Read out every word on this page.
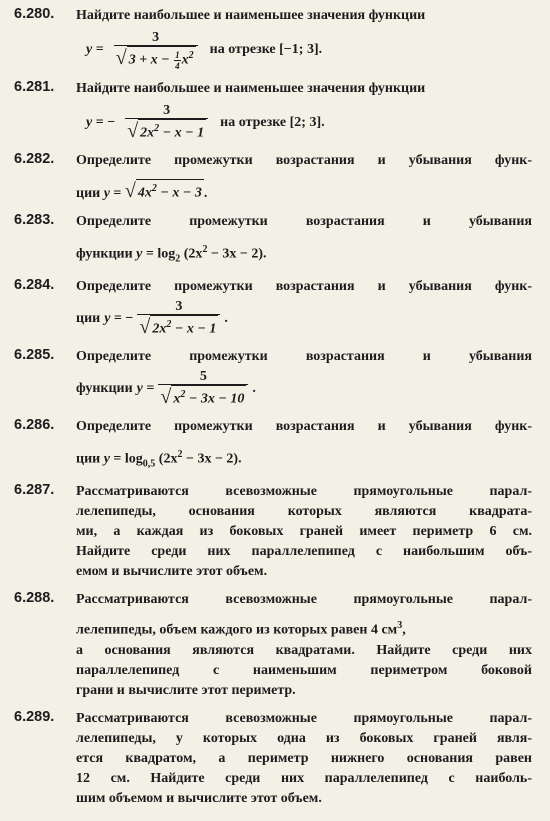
6.280.	Найдите наибольшее и наименьшее значения функции
$y = \frac{3}{√ 3 + x - \frac{1}{4} x^2}$ на отрезке [−1; 3].
6.281.	Найдите наибольшее и наименьшее значения функции
y = − $\frac{3}{√ 2x^2 - x - 1}$ на отрезке [2; 3].
6.282.	Определите промежутки возрастания и убывания функ-
ции y = √ $4x^2 - x - 3$ .
6.283.	Определите промежутки возрастания и убывания
функции $y = \log_2 (2x^2 - 3x - 2)$.
6.284.	Определите промежутки возрастания и убывания функ-
ции y
= − $\frac{3}{√ 2x^2 - x - 1}$ .
6.285.	Определите промежутки возрастания и убывания
функции y
= $\frac{5}{√ x^2 - 3x - 10}$ .
6.286.	Определите промежутки возрастания и убывания функ-
ции $y = \log_{0,5} (2x^2 - 3x - 2)$.
6.287.	Рассматриваются всевозможные прямоугольные парал-
лелепипеды, основания которых являются квадрата-
ми, а каждая из боковых граней имеет периметр 6 см.
Найдите среди них параллелепипед с наибольшим объ-
емом и вычислите этот объем.
6.288.	Рассматриваются всевозможные прямоугольные парал-
лелепипеды, объем каждого из которых равен 4 $см^3$,
а основания являются квадратами. Найдите среди них
параллелепипед с наименьшим периметром боковой
грани и вычислите этот периметр.
6.289.	Рассматриваются всевозможные прямоугольные парал-
лелепипеды, у которых одна из боковых граней явля-
ется квадратом, а периметр нижнего основания равен
12 см. Найдите среди них параллелепипед с наиболь-
шим объемом и вычислите этот объем.
